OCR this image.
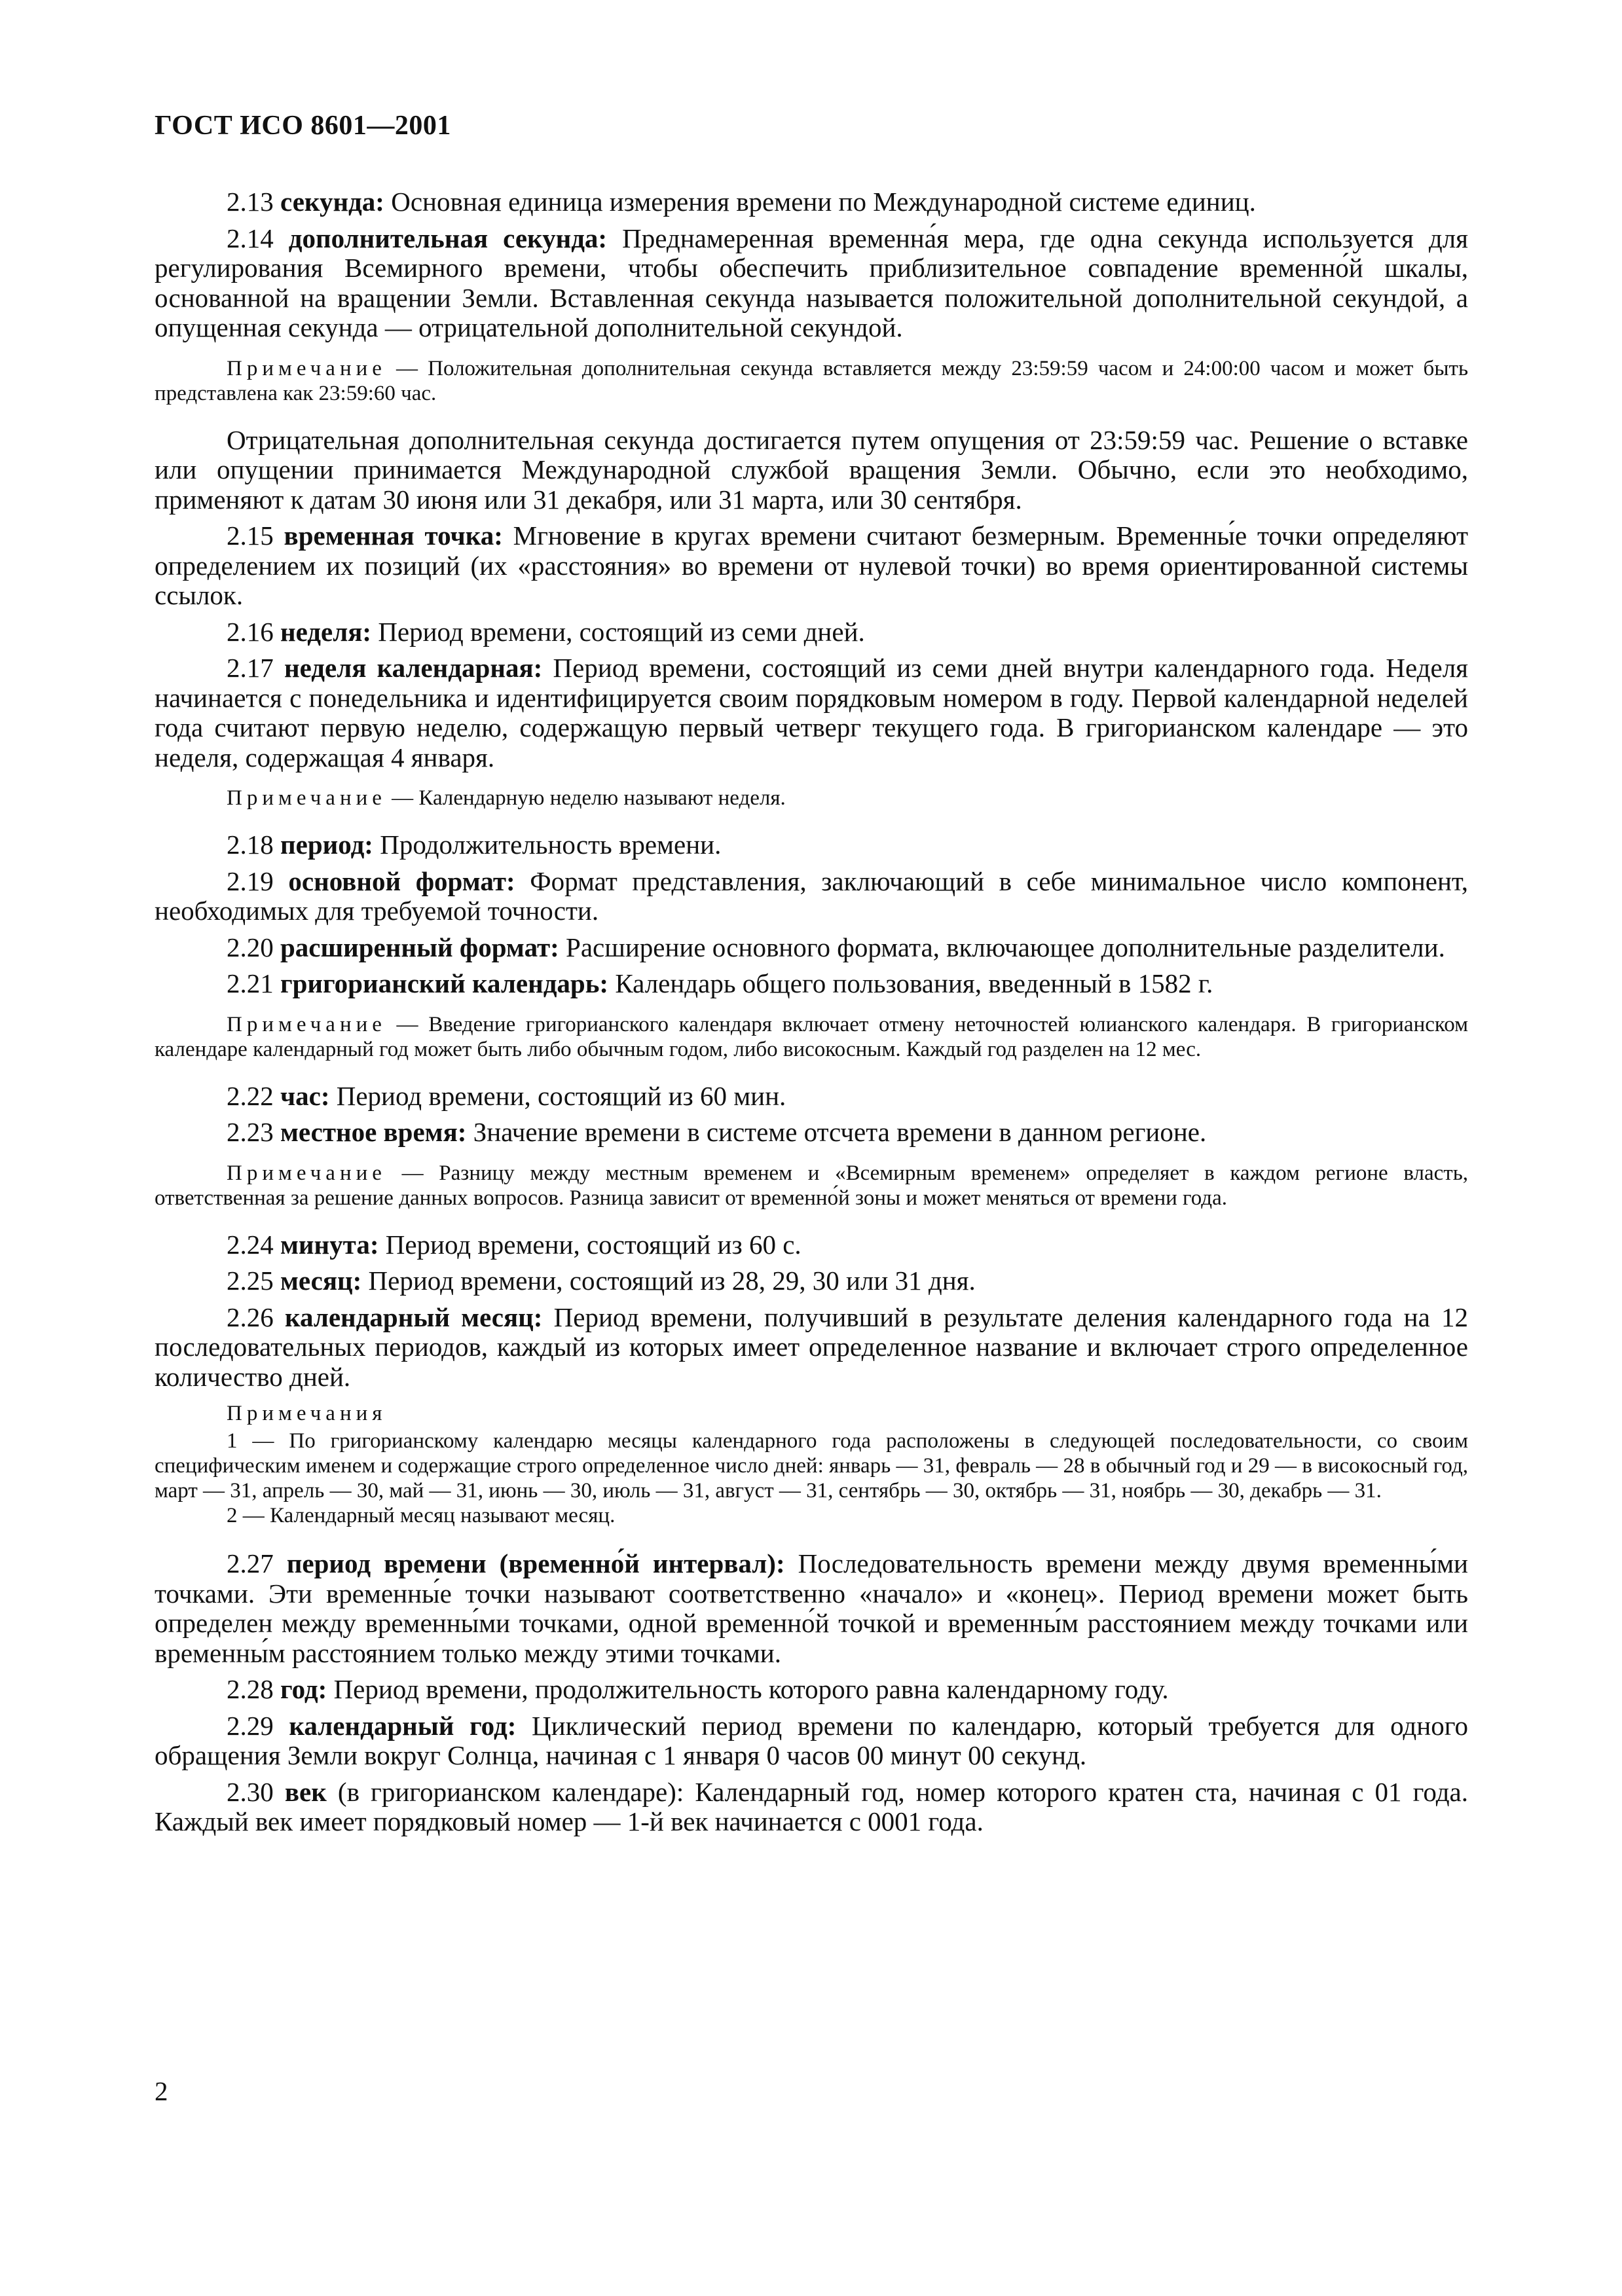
ГОСТ ИСО 8601—2001

2.13 секунда: Основная единица измерения времени по Международной системе единиц.

2.14 дополнительная секунда: Преднамеренная временна́я мера, где одна секунда используется для регулирования Всемирного времени, чтобы обеспечить приблизительное совпадение временно́й шкалы, основанной на вращении Земли. Вставленная секунда называется положительной дополнительной секундой, а опущенная секунда — отрицательной дополнительной секундой.

Примечание — Положительная дополнительная секунда вставляется между 23:59:59 часом и 24:00:00 часом и может быть представлена как 23:59:60 час.

Отрицательная дополнительная секунда достигается путем опущения от 23:59:59 час. Решение о вставке или опущении принимается Международной службой вращения Земли. Обычно, если это необходимо, применяют к датам 30 июня или 31 декабря, или 31 марта, или 30 сентября.

2.15 временная точка: Мгновение в кругах времени считают безмерным. Временны́е точки определяют определением их позиций (их «расстояния» во времени от нулевой точки) во время ориентированной системы ссылок.

2.16 неделя: Период времени, состоящий из семи дней.

2.17 неделя календарная: Период времени, состоящий из семи дней внутри календарного года. Неделя начинается с понедельника и идентифицируется своим порядковым номером в году. Первой календарной неделей года считают первую неделю, содержащую первый четверг текущего года. В григорианском календаре — это неделя, содержащая 4 января.

Примечание — Календарную неделю называют неделя.

2.18 период: Продолжительность времени.

2.19 основной формат: Формат представления, заключающий в себе минимальное число компонент, необходимых для требуемой точности.

2.20 расширенный формат: Расширение основного формата, включающее дополнительные разделители.

2.21 григорианский календарь: Календарь общего пользования, введенный в 1582 г.

Примечание — Введение григорианского календаря включает отмену неточностей юлианского календаря. В григорианском календаре календарный год может быть либо обычным годом, либо високосным. Каждый год разделен на 12 мес.

2.22 час: Период времени, состоящий из 60 мин.

2.23 местное время: Значение времени в системе отсчета времени в данном регионе.

Примечание — Разницу между местным временем и «Всемирным временем» определяет в каждом регионе власть, ответственная за решение данных вопросов. Разница зависит от временно́й зоны и может меняться от времени года.

2.24 минута: Период времени, состоящий из 60 с.

2.25 месяц: Период времени, состоящий из 28, 29, 30 или 31 дня.

2.26 календарный месяц: Период времени, получивший в результате деления календарного года на 12 последовательных периодов, каждый из которых имеет определенное название и включает строго определенное количество дней.

Примечания

1 — По григорианскому календарю месяцы календарного года расположены в следующей последовательности, со своим специфическим именем и содержащие строго определенное число дней: январь — 31, февраль — 28 в обычный год и 29 — в високосный год, март — 31, апрель — 30, май — 31, июнь — 30, июль — 31, август — 31, сентябрь — 30, октябрь — 31, ноябрь — 30, декабрь — 31.

2 — Календарный месяц называют месяц.

2.27 период времени (временно́й интервал): Последовательность времени между двумя временны́ми точками. Эти временны́е точки называют соответственно «начало» и «конец». Период времени может быть определен между временны́ми точками, одной временно́й точкой и временны́м расстоянием между точками или временны́м расстоянием только между этими точками.

2.28 год: Период времени, продолжительность которого равна календарному году.

2.29 календарный год: Циклический период времени по календарю, который требуется для одного обращения Земли вокруг Солнца, начиная с 1 января 0 часов 00 минут 00 секунд.

2.30 век (в григорианском календаре): Календарный год, номер которого кратен ста, начиная с 01 года. Каждый век имеет порядковый номер — 1-й век начинается с 0001 года.

2
